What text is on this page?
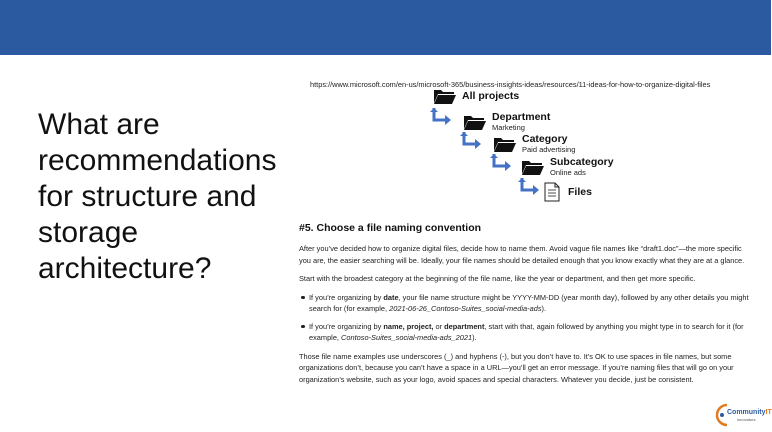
What are
recommendations
for structure and
storage
architecture?
https://www.microsoft.com/en-us/microsoft-365/business-insights-ideas/resources/11-ideas-for-how-to-organize-digital-files
All projects
Department
Marketing
Category
Paid advertising
Subcategory
Online ads
Files
#5. Choose a file naming convention

After you’ve decided how to organize digital files, decide how to name them. Avoid vague file names like “draft1.doc”—the more specific you are, the easier searching will be. Ideally, your file names should be detailed enough that you know exactly what they are at a glance.

Start with the broadest category at the beginning of the file name, like the year or department, and then get more specific.

If you’re organizing by date, your file name structure might be YYYY-MM-DD (year month day), followed by any other details you might search for (for example, 2021-06-26_Contoso-Suites_social-media-ads).
If you’re organizing by name, project, or department, start with that, again followed by anything you might type in to search for it (for example, Contoso-Suites_social-media-ads_2021).

Those file name examples use underscores (_) and hyphens (-), but you don’t have to. It’s OK to use spaces in file names, but some organizations don’t, because you can’t have a space in a URL—you’ll get an error message. If you’re naming files that will go on your organization’s website, such as your logo, avoid spaces and special characters. Whatever you decide, just be consistent.

CommunityIT
innovators
